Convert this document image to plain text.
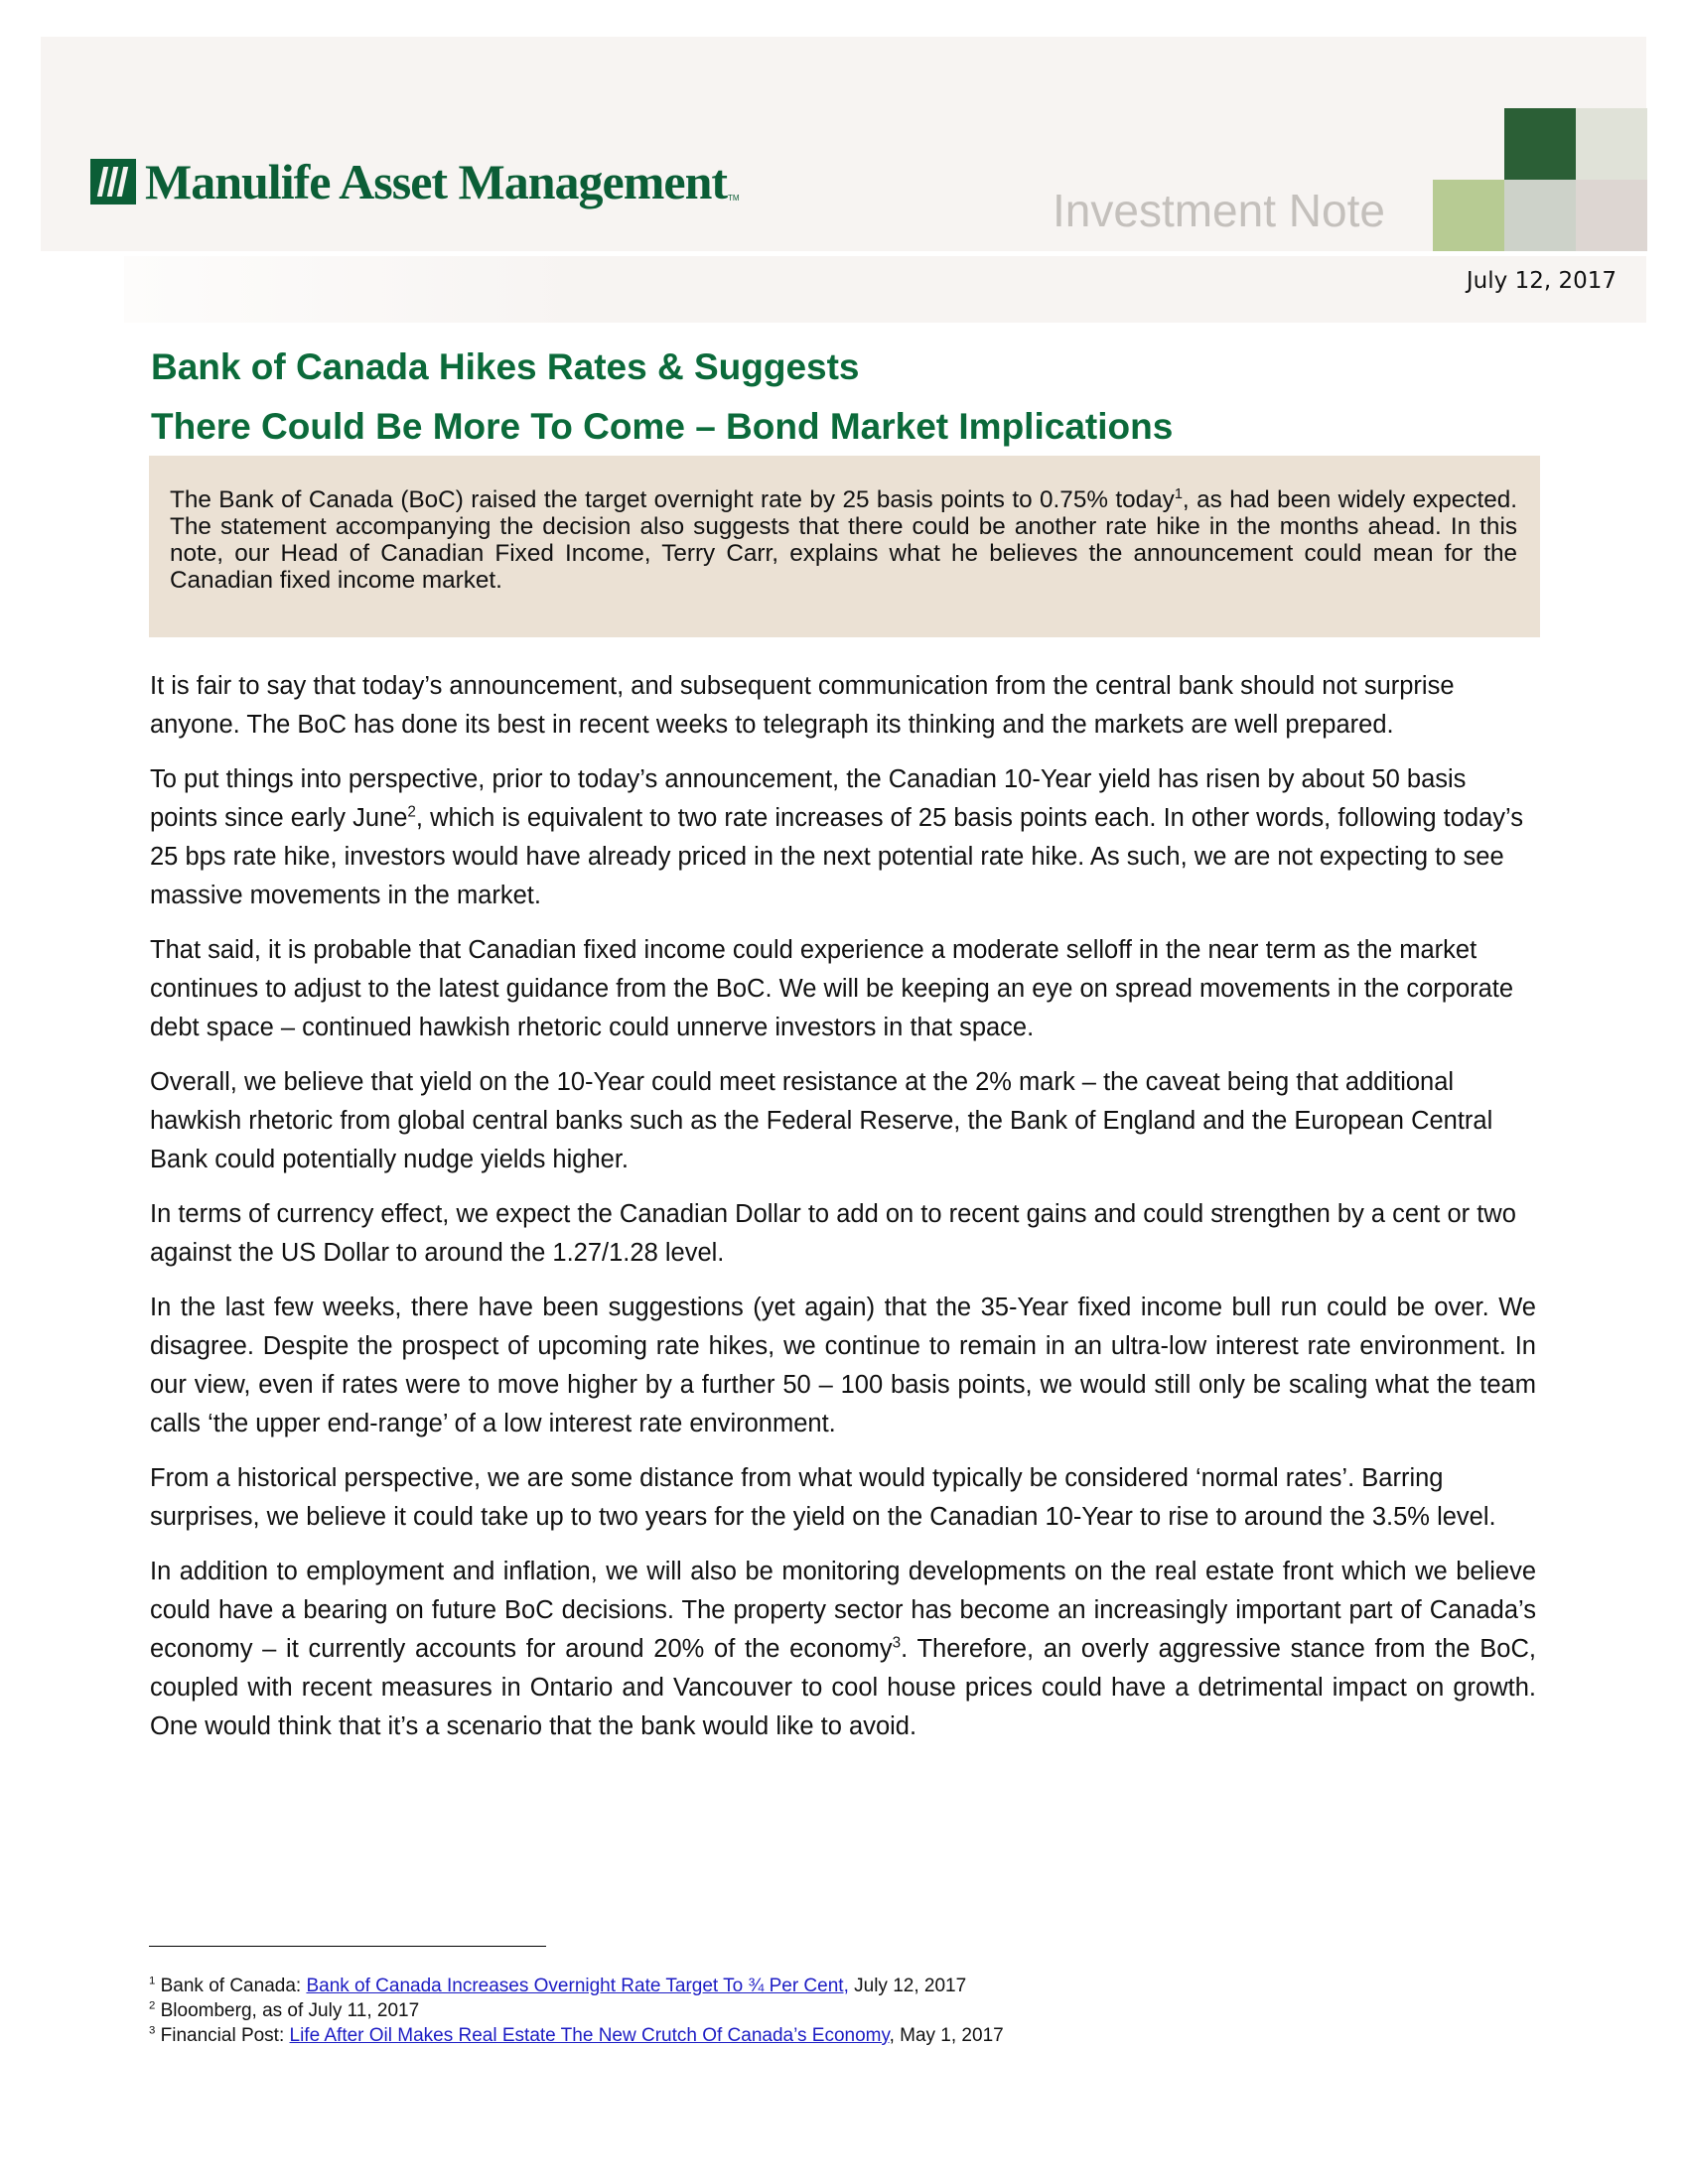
Manulife Asset Management TM	Investment Note
July 12, 2017
Bank of Canada Hikes Rates & Suggests
There Could Be More To Come – Bond Market Implications

The Bank of Canada (BoC) raised the target overnight rate by 25 basis points to 0.75% today$^1$, as had been widely expected. The statement accompanying the decision also suggests that there could be another rate hike in the months ahead. In this note, our Head of Canadian Fixed Income, Terry Carr, explains what he believes the announcement could mean for the Canadian fixed income market.

It is fair to say that today’s announcement, and subsequent communication from the central bank should not surprise anyone. The BoC has done its best in recent weeks to telegraph its thinking and the markets are well prepared.

To put things into perspective, prior to today’s announcement, the Canadian 10-Year yield has risen by about 50 basis points since early June$^2$, which is equivalent to two rate increases of 25 basis points each. In other words, following today’s 25 bps rate hike, investors would have already priced in the next potential rate hike. As such, we are not expecting to see massive movements in the market.

That said, it is probable that Canadian fixed income could experience a moderate selloff in the near term as the market continues to adjust to the latest guidance from the BoC. We will be keeping an eye on spread movements in the corporate debt space – continued hawkish rhetoric could unnerve investors in that space.

Overall, we believe that yield on the 10-Year could meet resistance at the 2% mark – the caveat being that additional hawkish rhetoric from global central banks such as the Federal Reserve, the Bank of England and the European Central Bank could potentially nudge yields higher.

In terms of currency effect, we expect the Canadian Dollar to add on to recent gains and could strengthen by a cent or two against the US Dollar to around the 1.27/1.28 level.

In the last few weeks, there have been suggestions (yet again) that the 35-Year fixed income bull run could be over. We disagree. Despite the prospect of upcoming rate hikes, we continue to remain in an ultra-low interest rate environment. In our view, even if rates were to move higher by a further 50 – 100 basis points, we would still only be scaling what the team calls ‘the upper end-range’ of a low interest rate environment.

From a historical perspective, we are some distance from what would typically be considered ‘normal rates’. Barring surprises, we believe it could take up to two years for the yield on the Canadian 10-Year to rise to around the 3.5% level.

In addition to employment and inflation, we will also be monitoring developments on the real estate front which we believe could have a bearing on future BoC decisions. The property sector has become an increasingly important part of Canada’s economy – it currently accounts for around 20% of the economy$^3$. Therefore, an overly aggressive stance from the BoC, coupled with recent measures in Ontario and Vancouver to cool house prices could have a detrimental impact on growth. One would think that it’s a scenario that the bank would like to avoid.

$^1$ Bank of Canada: Bank of Canada Increases Overnight Rate Target To ¾ Per Cent, July 12, 2017
$^2$ Bloomberg, as of July 11, 2017
$^3$ Financial Post: Life After Oil Makes Real Estate The New Crutch Of Canada’s Economy, May 1, 2017
